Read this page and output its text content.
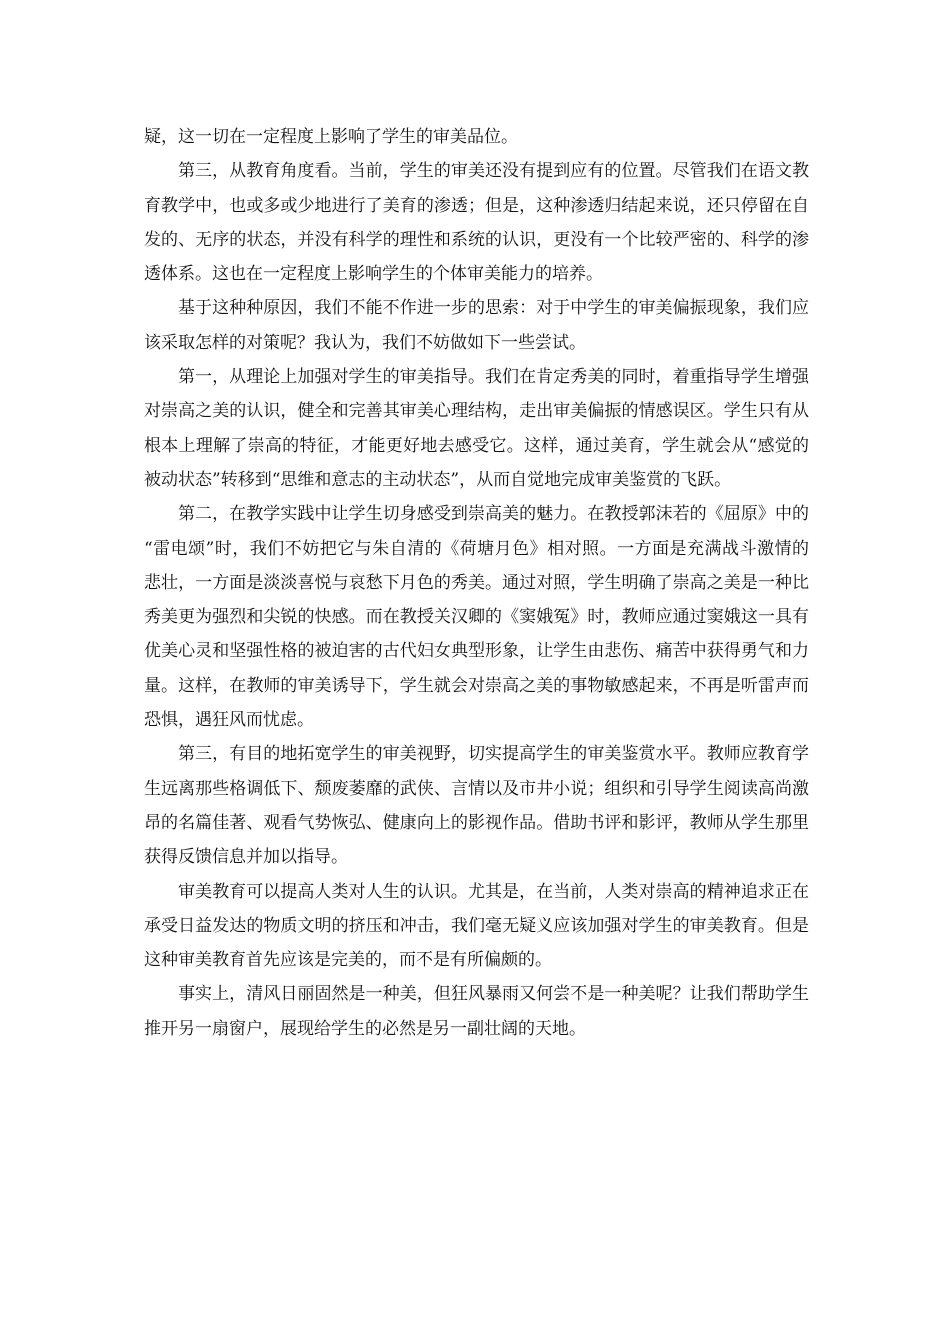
疑，这一切在一定程度上影响了学生的审美品位。
第三，从教育角度看。当前，学生的审美还没有提到应有的位置。尽管我们在语文教
育教学中，也或多或少地进行了美育的渗透；但是，这种渗透归结起来说，还只停留在自
发的、无序的状态，并没有科学的理性和系统的认识，更没有一个比较严密的、科学的渗
透体系。这也在一定程度上影响学生的个体审美能力的培养。
基于这种种原因，我们不能不作进一步的思索：对于中学生的审美偏振现象，我们应
该采取怎样的对策呢？我认为，我们不妨做如下一些尝试。
第一，从理论上加强对学生的审美指导。我们在肯定秀美的同时，着重指导学生增强
对崇高之美的认识，健全和完善其审美心理结构，走出审美偏振的情感误区。学生只有从
根本上理解了崇高的特征，才能更好地去感受它。这样，通过美育，学生就会从“感觉的
被动状态”转移到“思维和意志的主动状态”，从而自觉地完成审美鉴赏的飞跃。
第二，在教学实践中让学生切身感受到崇高美的魅力。在教授郭沫若的《屈原》中的
“雷电颂”时，我们不妨把它与朱自清的《荷塘月色》相对照。一方面是充满战斗激情的
悲壮，一方面是淡淡喜悦与哀愁下月色的秀美。通过对照，学生明确了崇高之美是一种比
秀美更为强烈和尖锐的快感。而在教授关汉卿的《窦娥冤》时，教师应通过窦娥这一具有
优美心灵和坚强性格的被迫害的古代妇女典型形象，让学生由悲伤、痛苦中获得勇气和力
量。这样，在教师的审美诱导下，学生就会对崇高之美的事物敏感起来，不再是听雷声而
恐惧，遇狂风而忧虑。
第三，有目的地拓宽学生的审美视野，切实提高学生的审美鉴赏水平。教师应教育学
生远离那些格调低下、颓废萎靡的武侠、言情以及市井小说；组织和引导学生阅读高尚激
昂的名篇佳著、观看气势恢弘、健康向上的影视作品。借助书评和影评，教师从学生那里
获得反馈信息并加以指导。
审美教育可以提高人类对人生的认识。尤其是，在当前，人类对崇高的精神追求正在
承受日益发达的物质文明的挤压和冲击，我们毫无疑义应该加强对学生的审美教育。但是
这种审美教育首先应该是完美的，而不是有所偏颇的。
事实上，清风日丽固然是一种美，但狂风暴雨又何尝不是一种美呢？让我们帮助学生
推开另一扇窗户，展现给学生的必然是另一副壮阔的天地。
